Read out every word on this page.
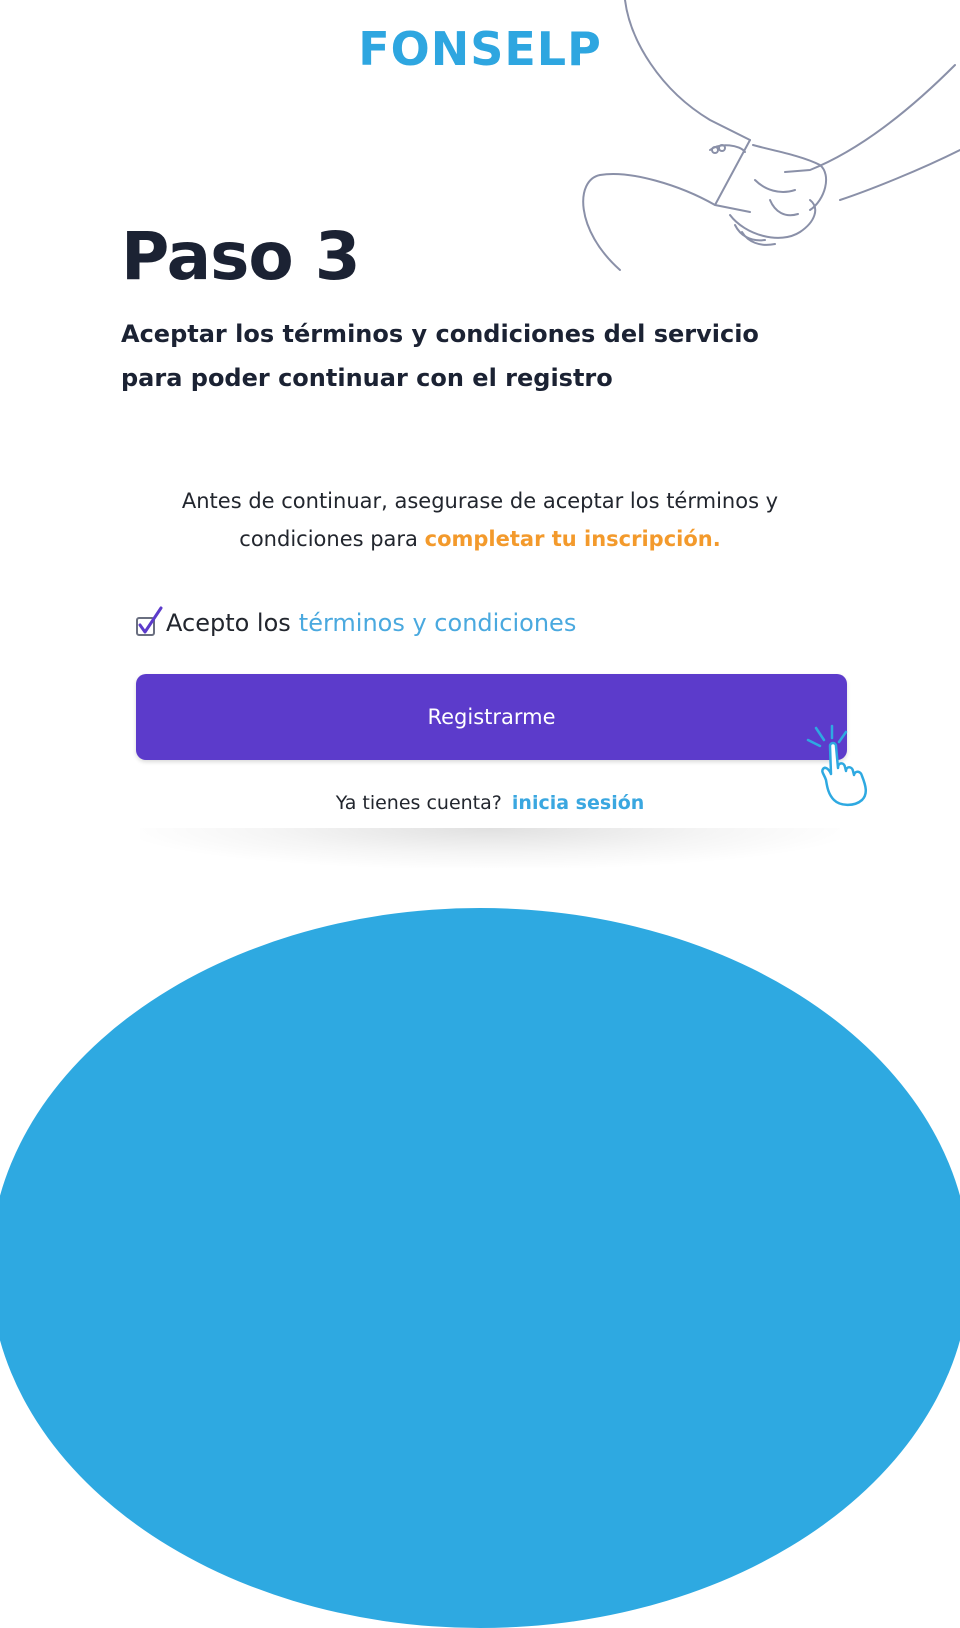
FONSELP
Paso 3
Aceptar los términos y condiciones del servicio para poder continuar con el registro
Antes de continuar, asegurase de aceptar los términos y condiciones para completar tu inscripción.
Acepto los términos y condiciones
Registrarme
Ya tienes cuenta? inicia sesión
